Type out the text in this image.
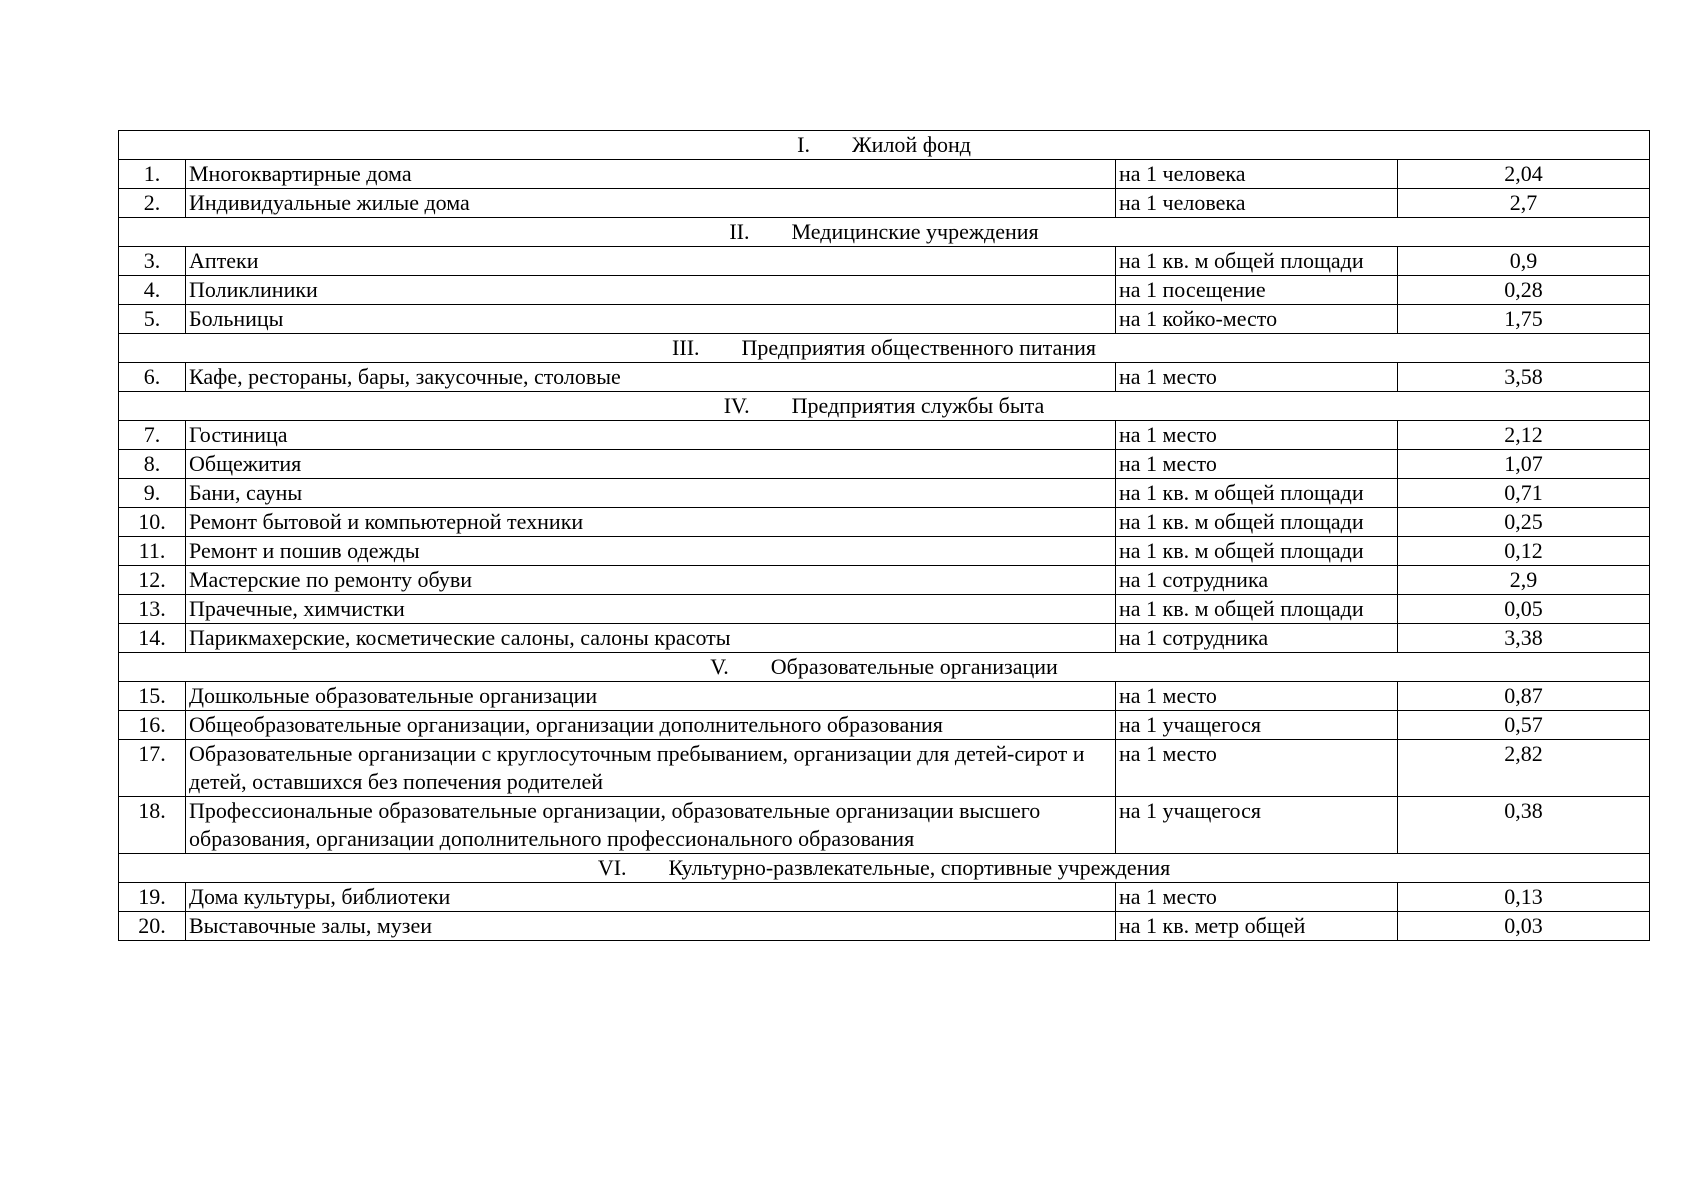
I. Жилой фонд			
1.	Многоквартирные дома	на 1 человека	2,04
2.	Индивидуальные жилые дома	на 1 человека	2,7
II. Медицинские учреждения			
3.	Аптеки	на 1 кв. м общей площади	0,9
4.	Поликлиники	на 1 посещение	0,28
5.	Больницы	на 1 койко-место	1,75
III. Предприятия общественного питания			
6.	Кафе, рестораны, бары, закусочные, столовые	на 1 место	3,58
IV. Предприятия службы быта			
7.	Гостиница	на 1 место	2,12
8.	Общежития	на 1 место	1,07
9.	Бани, сауны	на 1 кв. м общей площади	0,71
10.	Ремонт бытовой и компьютерной техники	на 1 кв. м общей площади	0,25
11.	Ремонт и пошив одежды	на 1 кв. м общей площади	0,12
12.	Мастерские по ремонту обуви	на 1 сотрудника	2,9
13.	Прачечные, химчистки	на 1 кв. м общей площади	0,05
14.	Парикмахерские, косметические салоны, салоны красоты	на 1 сотрудника	3,38
V. Образовательные организации			
15.	Дошкольные образовательные организации	на 1 место	0,87
16.	Общеобразовательные организации, организации дополнительного образования	на 1 учащегося	0,57
17.	Образовательные организации с круглосуточным пребыванием, организации для детей-сирот и детей, оставшихся без попечения родителей	на 1 место	2,82
18.	Профессиональные образовательные организации, образовательные организации высшего образования, организации дополнительного профессионального образования	на 1 учащегося	0,38
VI. Культурно-развлекательные, спортивные учреждения			
19.	Дома культуры, библиотеки	на 1 место	0,13
20.	Выставочные залы, музеи	на 1 кв. метр общей	0,03
